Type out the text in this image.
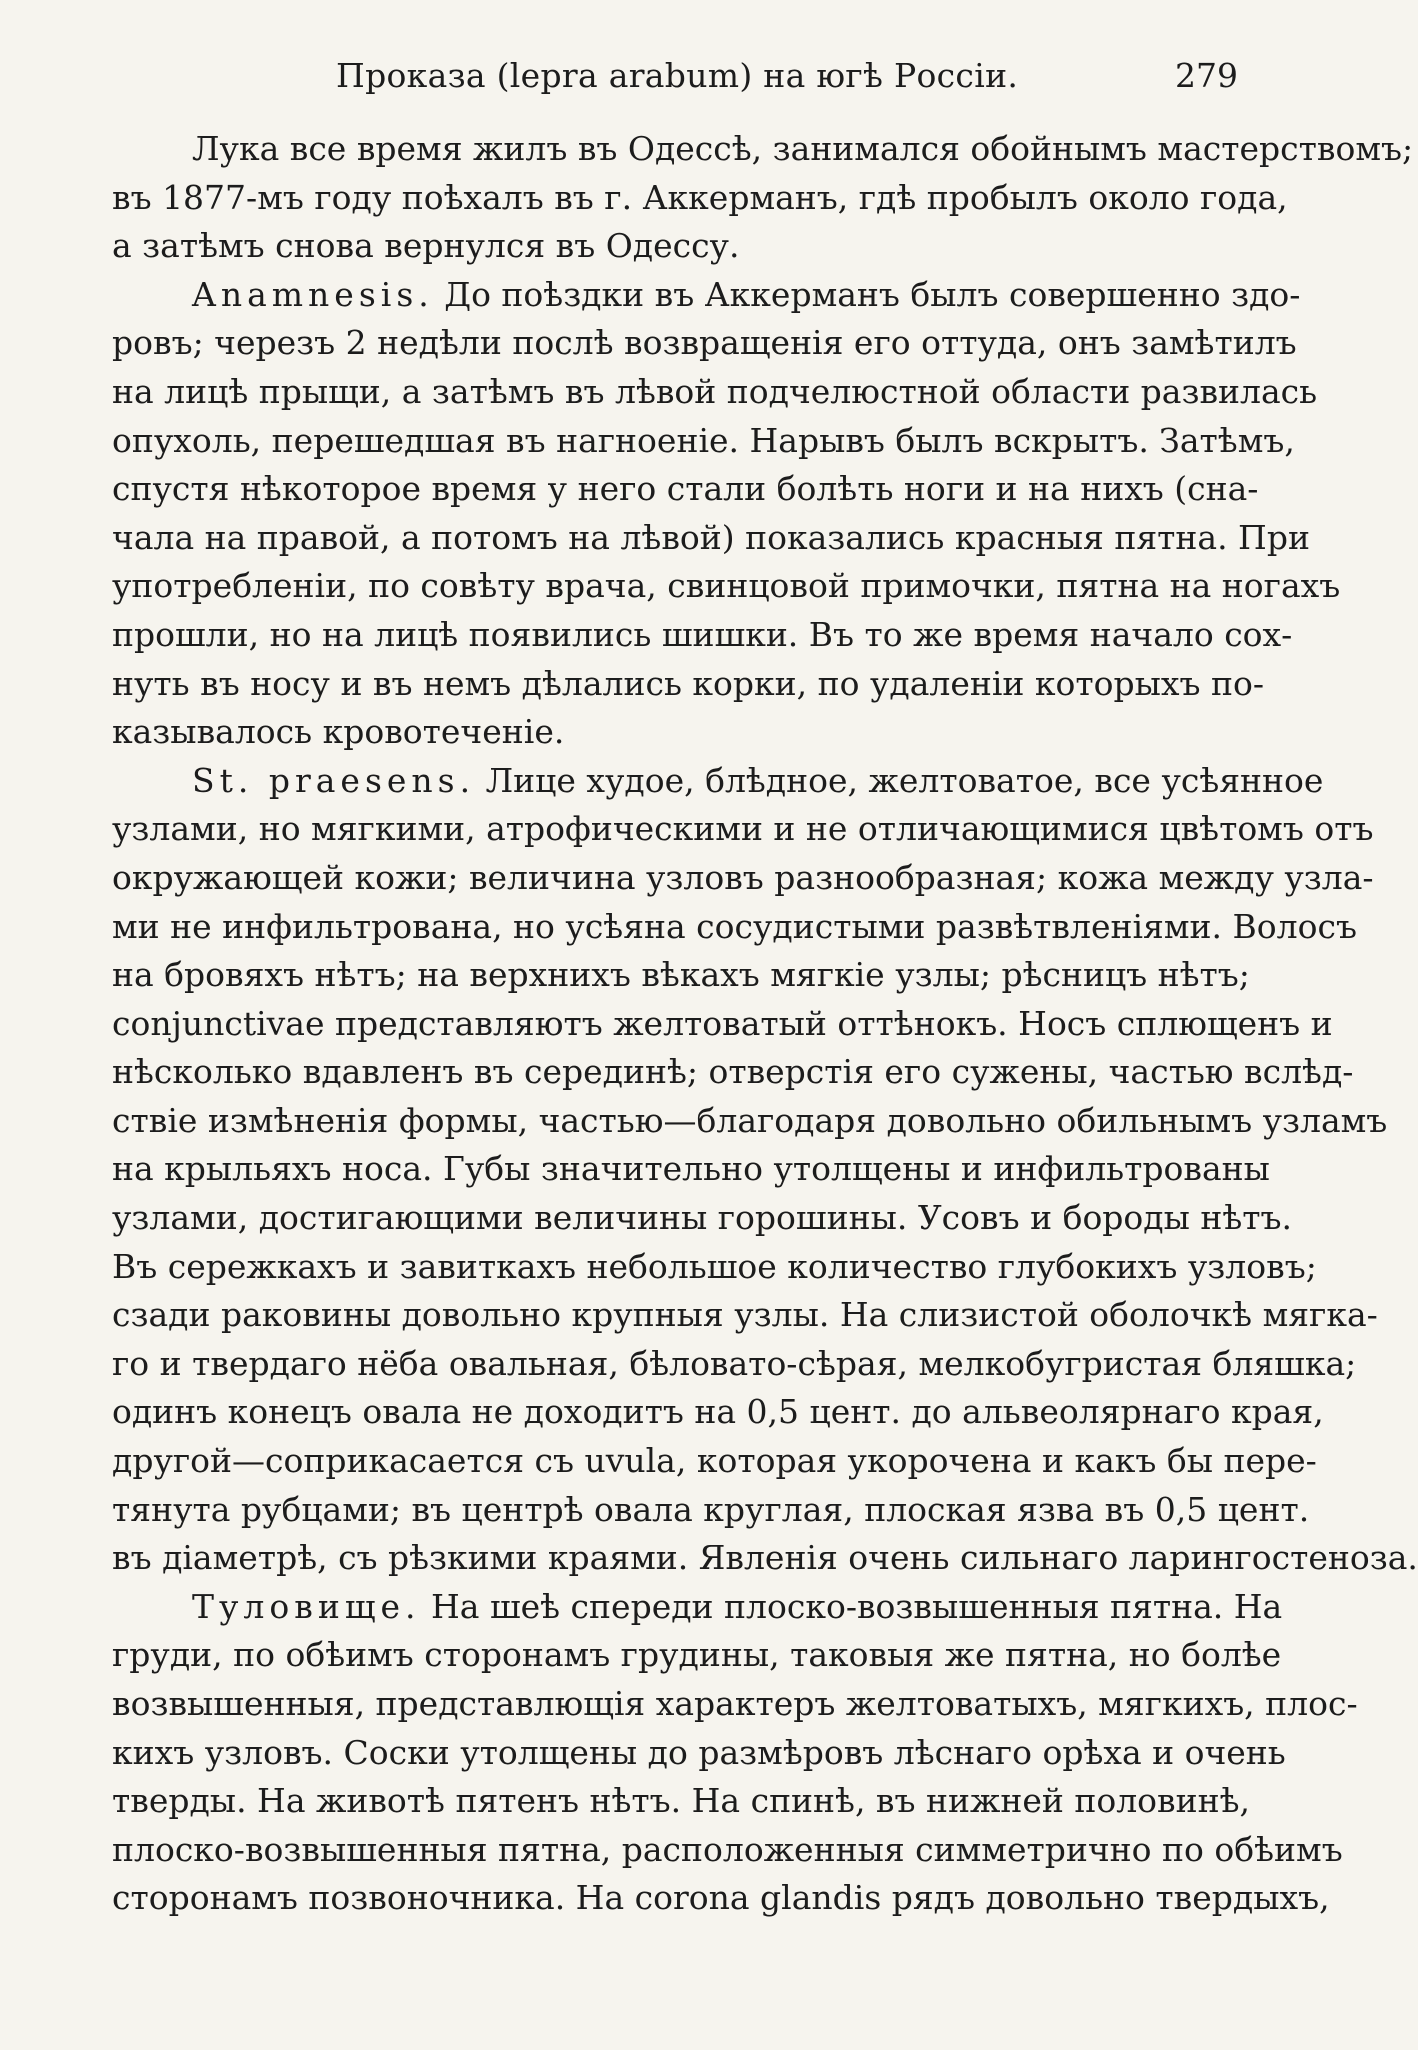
Проказа (lepra arabum) на югѣ Россіи.	279
Лука все время жилъ въ Одессѣ, занимался обойнымъ мастерствомъ;
въ 1877-мъ году поѣхалъ въ г. Аккерманъ, гдѣ пробылъ около года,
а затѣмъ снова вернулся въ Одессу.
Anamnesis. До поѣздки въ Аккерманъ былъ совершенно здо-
ровъ; черезъ 2 недѣли послѣ возвращенія его оттуда, онъ замѣтилъ
на лицѣ прыщи, а затѣмъ въ лѣвой подчелюстной области развилась
опухоль, перешедшая въ нагноеніе. Нарывъ былъ вскрытъ. Затѣмъ,
спустя нѣкоторое время у него стали болѣть ноги и на нихъ (сна-
чала на правой, а потомъ на лѣвой) показались красныя пятна. При
употребленіи, по совѣту врача, свинцовой примочки, пятна на ногахъ
прошли, но на лицѣ появились шишки. Въ то же время начало сох-
нуть въ носу и въ немъ дѣлались корки, по удаленіи которыхъ по-
казывалось кровотеченіе.
St. praesens. Лице худое, блѣдное, желтоватое, все усѣянное
узлами, но мягкими, атрофическими и не отличающимися цвѣтомъ отъ
окружающей кожи; величина узловъ разнообразная; кожа между узла-
ми не инфильтрована, но усѣяна сосудистыми развѣтвленіями. Волосъ
на бровяхъ нѣтъ; на верхнихъ вѣкахъ мягкіе узлы; рѣсницъ нѣтъ;
conjunctivae представляютъ желтоватый оттѣнокъ. Носъ сплющенъ и
нѣсколько вдавленъ въ серединѣ; отверстія его сужены, частью вслѣд-
ствіе измѣненія формы, частью—благодаря довольно обильнымъ узламъ
на крыльяхъ носа. Губы значительно утолщены и инфильтрованы
узлами, достигающими величины горошины. Усовъ и бороды нѣтъ.
Въ сережкахъ и завиткахъ небольшое количество глубокихъ узловъ;
сзади раковины довольно крупныя узлы. На слизистой оболочкѣ мягка-
го и твердаго нёба овальная, бѣловато-сѣрая, мелкобугристая бляшка;
одинъ конецъ овала не доходитъ на 0,5 цент. до альвеолярнаго края,
другой—соприкасается съ uvula, которая укорочена и какъ бы пере-
тянута рубцами; въ центрѣ овала круглая, плоская язва въ 0,5 цент.
въ діаметрѣ, съ рѣзкими краями. Явленія очень сильнаго ларингостеноза.
Туловище. На шеѣ спереди плоско-возвышенныя пятна. На
груди, по обѣимъ сторонамъ грудины, таковыя же пятна, но болѣе
возвышенныя, представлющія характеръ желтоватыхъ, мягкихъ, плос-
кихъ узловъ. Соски утолщены до размѣровъ лѣснаго орѣха и очень
тверды. На животѣ пятенъ нѣтъ. На спинѣ, въ нижней половинѣ,
плоско-возвышенныя пятна, расположенныя симметрично по обѣимъ
сторонамъ позвоночника. На corona glandis рядъ довольно твердыхъ,
